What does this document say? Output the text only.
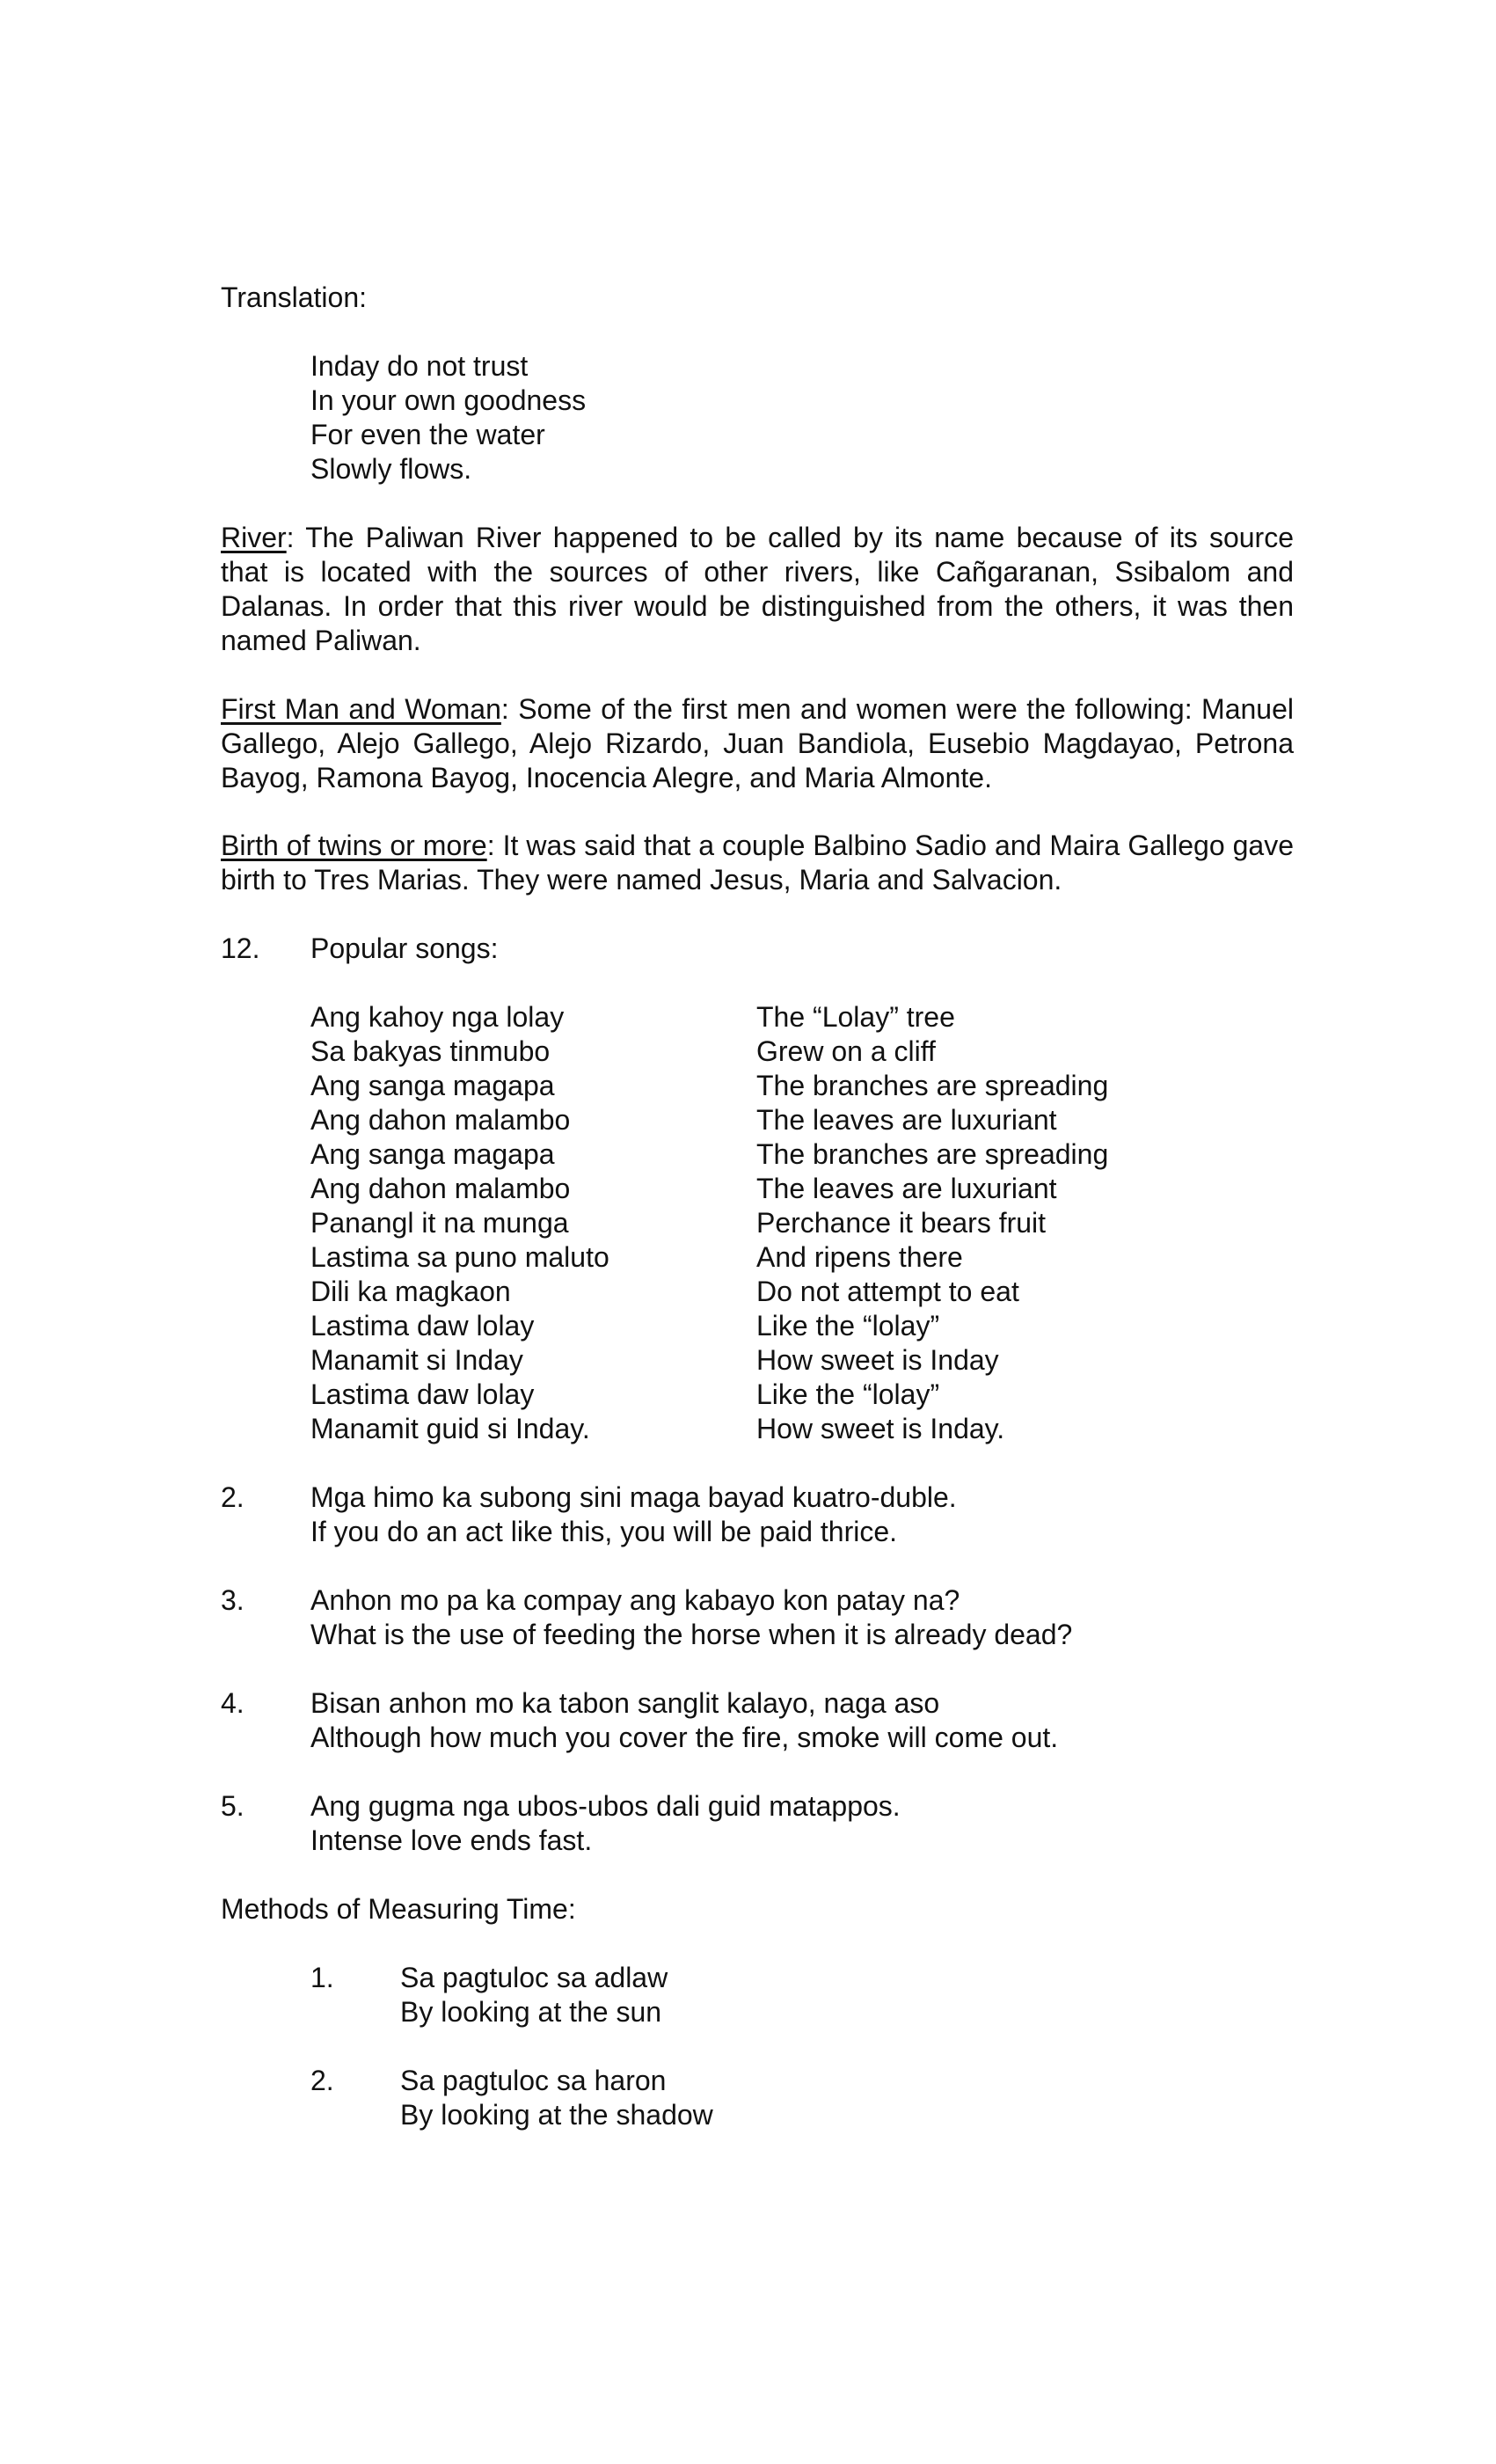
Translation:
Inday do not trust
In your own goodness
For even the water
Slowly flows.
River: The Paliwan River happened to be called by its name because of its source that is located with the sources of other rivers, like Cañgaranan, Ssibalom and Dalanas. In order that this river would be distinguished from the others, it was then named Paliwan.
First Man and Woman: Some of the first men and women were the following: Manuel Gallego, Alejo Gallego, Alejo Rizardo, Juan Bandiola, Eusebio Magdayao, Petrona Bayog, Ramona Bayog, Inocencia Alegre, and Maria Almonte.
Birth of twins or more: It was said that a couple Balbino Sadio and Maira Gallego gave birth to Tres Marias. They were named Jesus, Maria and Salvacion.
12. Popular songs:
Ang kahoy nga lolay
Sa bakyas tinmubo
Ang sanga magapa
Ang dahon malambo
Ang sanga magapa
Ang dahon malambo
Panangl it na munga
Lastima sa puno maluto
Dili ka magkaon
Lastima daw lolay
Manamit si Inday
Lastima daw lolay
Manamit guid si Inday.
The “Lolay” tree
Grew on a cliff
The branches are spreading
The leaves are luxuriant
The branches are spreading
The leaves are luxuriant
Perchance it bears fruit
And ripens there
Do not attempt to eat
Like the “lolay”
How sweet is Inday
Like the “lolay”
How sweet is Inday.
2. Mga himo ka subong sini maga bayad kuatro-duble.
If you do an act like this, you will be paid thrice.
3. Anhon mo pa ka compay ang kabayo kon patay na?
What is the use of feeding the horse when it is already dead?
4. Bisan anhon mo ka tabon sanglit kalayo, naga aso
Although how much you cover the fire, smoke will come out.
5. Ang gugma nga ubos-ubos dali guid matappos.
Intense love ends fast.
Methods of Measuring Time:
1. Sa pagtuloc sa adlaw
By looking at the sun
2. Sa pagtuloc sa haron
By looking at the shadow
